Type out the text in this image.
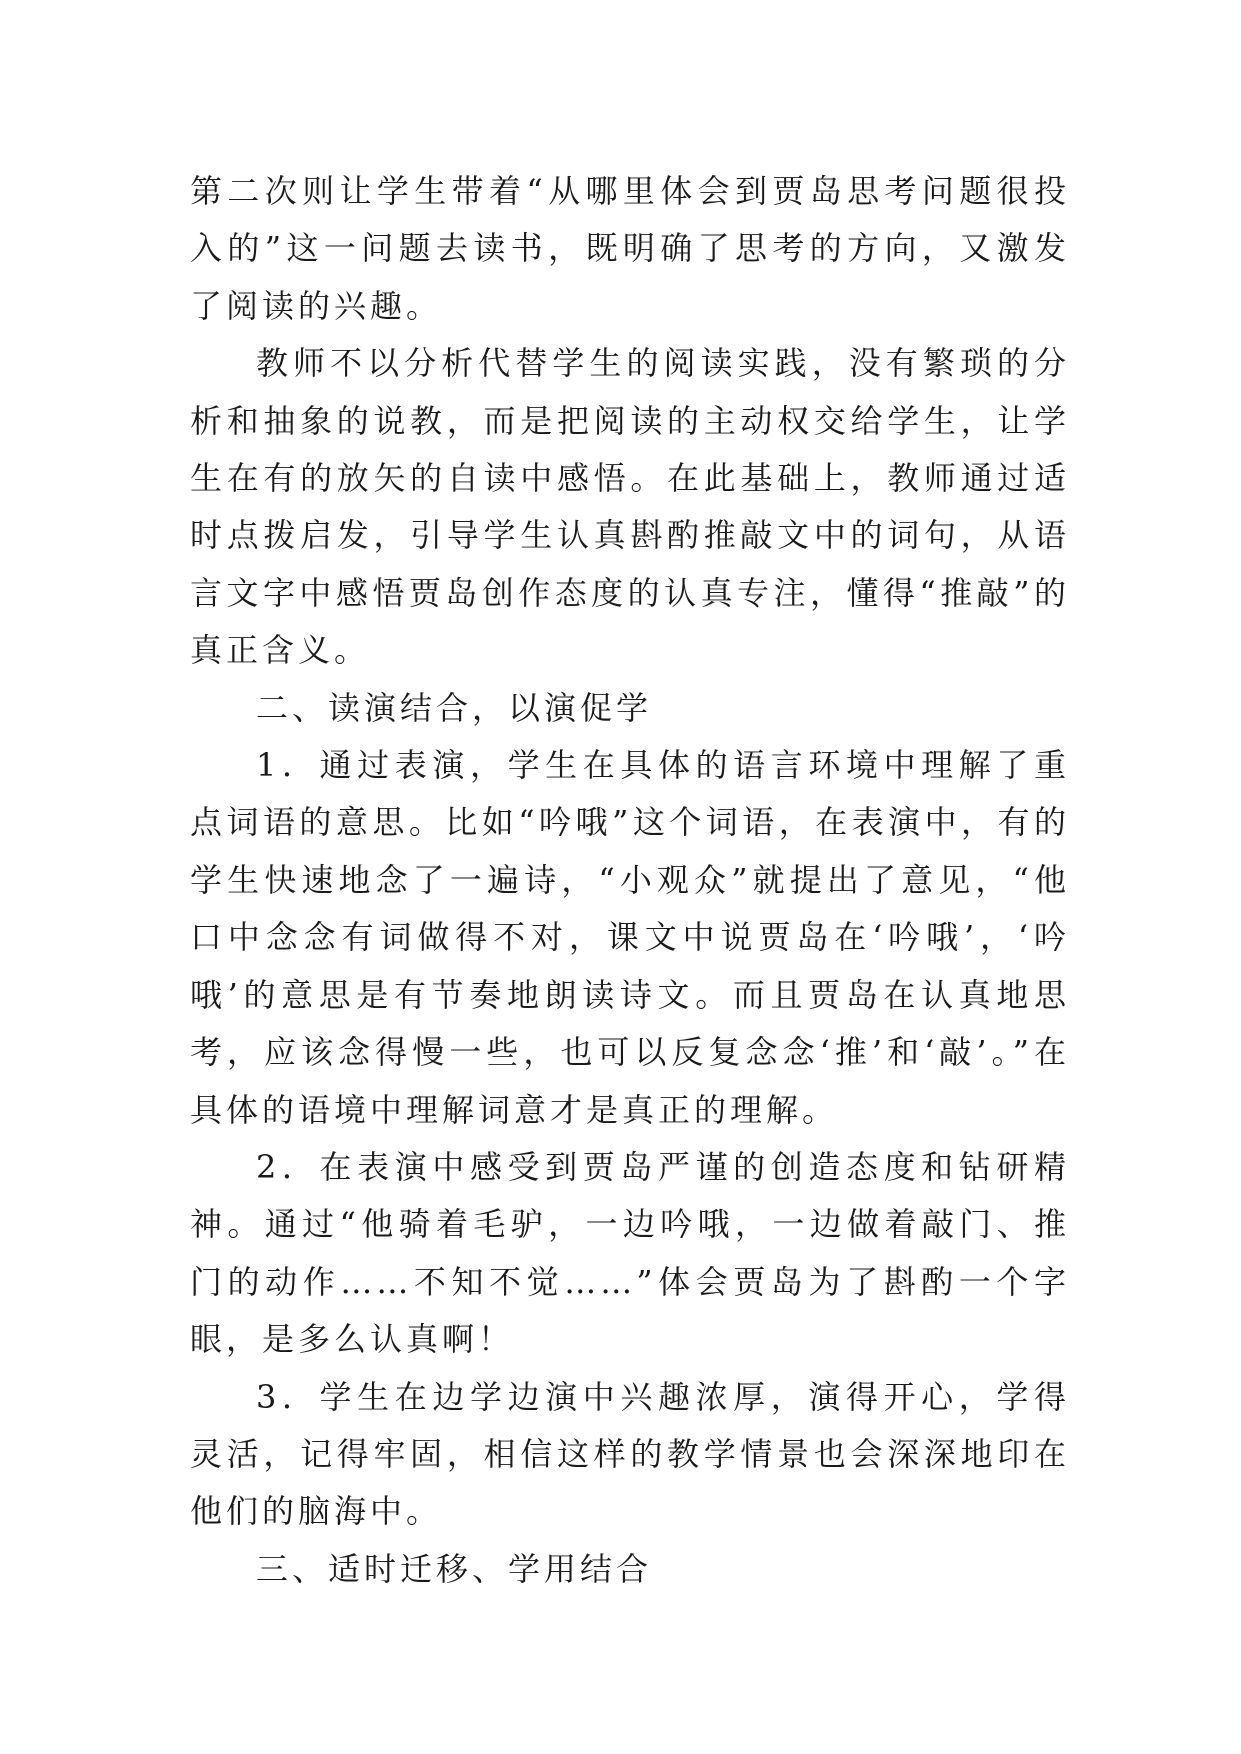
第二次则让学生带着“从哪里体会到贾岛思考问题很投入的”这一问题去读书，既明确了思考的方向，又激发了阅读的兴趣。

教师不以分析代替学生的阅读实践，没有繁琐的分析和抽象的说教，而是把阅读的主动权交给学生，让学生在有的放矢的自读中感悟。在此基础上，教师通过适时点拨启发，引导学生认真斟酌推敲文中的词句，从语言文字中感悟贾岛创作态度的认真专注，懂得“推敲”的真正含义。

二、读演结合，以演促学

1．通过表演，学生在具体的语言环境中理解了重点词语的意思。比如“吟哦”这个词语，在表演中，有的学生快速地念了一遍诗，“小观众”就提出了意见，“他口中念念有词做得不对，课文中说贾岛在‘吟哦’，‘吟哦’的意思是有节奏地朗读诗文。而且贾岛在认真地思考，应该念得慢一些，也可以反复念念‘推’和‘敲’。”在具体的语境中理解词意才是真正的理解。

2．在表演中感受到贾岛严谨的创造态度和钻研精神。通过“他骑着毛驴，一边吟哦，一边做着敲门、推门的动作……不知不觉……”体会贾岛为了斟酌一个字眼，是多么认真啊！

3．学生在边学边演中兴趣浓厚，演得开心，学得灵活，记得牢固，相信这样的教学情景也会深深地印在他们的脑海中。

三、适时迁移、学用结合
